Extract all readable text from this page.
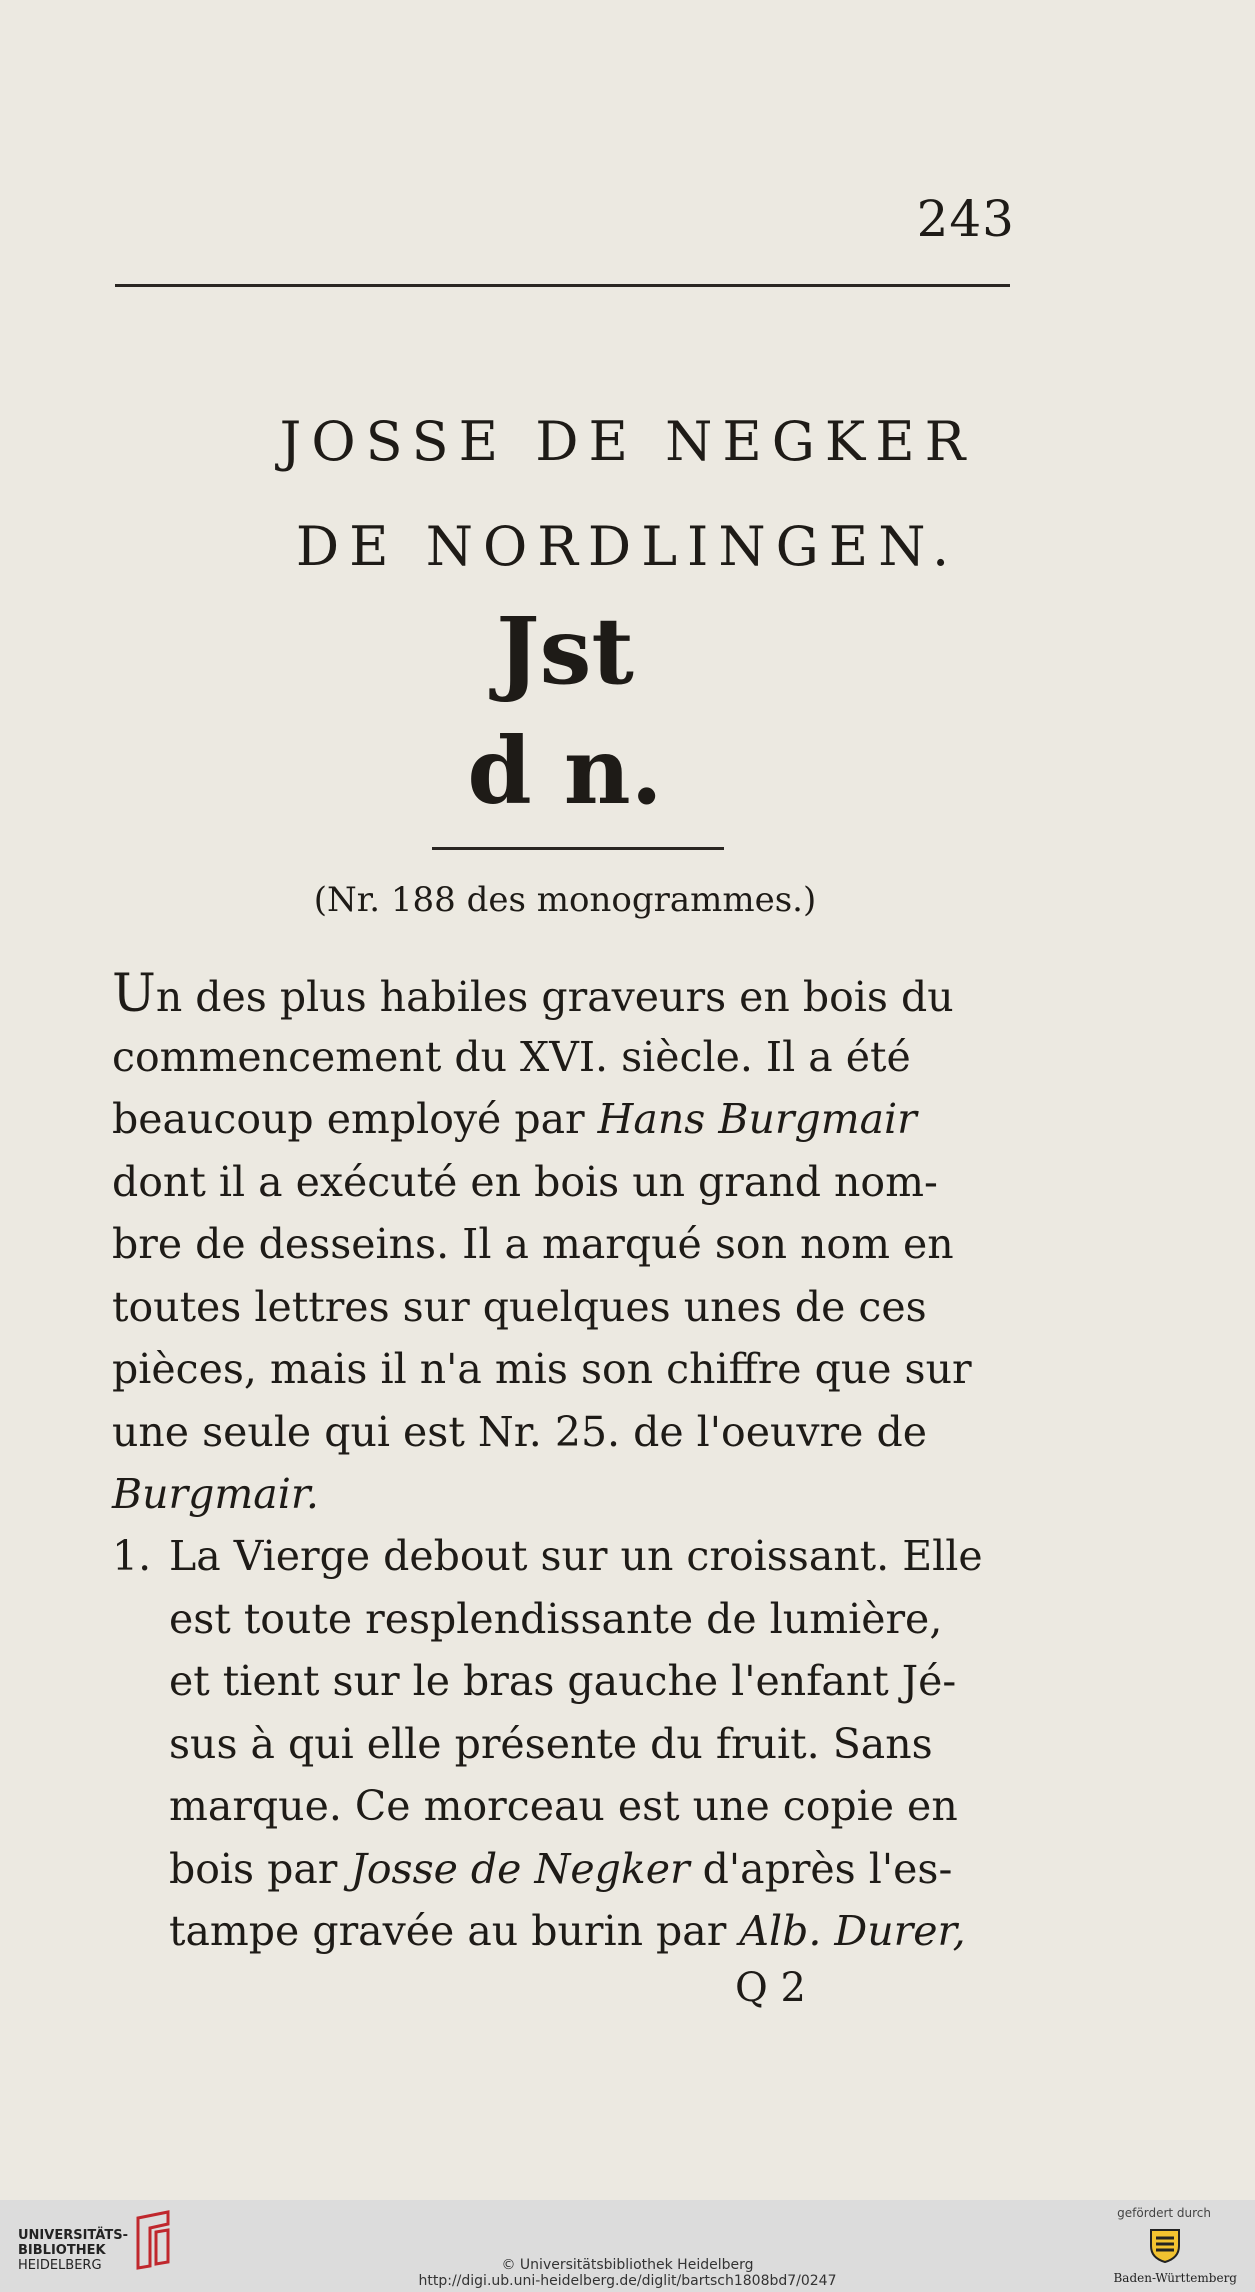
243
JOSSE DE NEGKER
DE NORDLINGEN.
Jst
d n.
(Nr. 188 des monogrammes.)
Un des plus habiles graveurs en bois du
commencement du XVI. siècle. Il a été
beaucoup employé par Hans Burgmair
dont il a exécuté en bois un grand nom-
bre de desseins. Il a marqué son nom en
toutes lettres sur quelques unes de ces
pièces, mais il n'a mis son chiffre que sur
une seule qui est Nr. 25. de l'oeuvre de
Burgmair.
1. La Vierge debout sur un croissant. Elle
est toute resplendissante de lumière,
et tient sur le bras gauche l'enfant Jé-
sus à qui elle présente du fruit. Sans
marque. Ce morceau est une copie en
bois par Josse de Negker d'après l'es-
tampe gravée au burin par Alb. Durer,
Q 2
UNIVERSITÄTS-
BIBLIOTHEK
HEIDELBERG	© Universitätsbibliothek Heidelberg
http://digi.ub.uni-heidelberg.de/diglit/bartsch1808bd7/0247
gefördert durch
Baden-Württemberg
